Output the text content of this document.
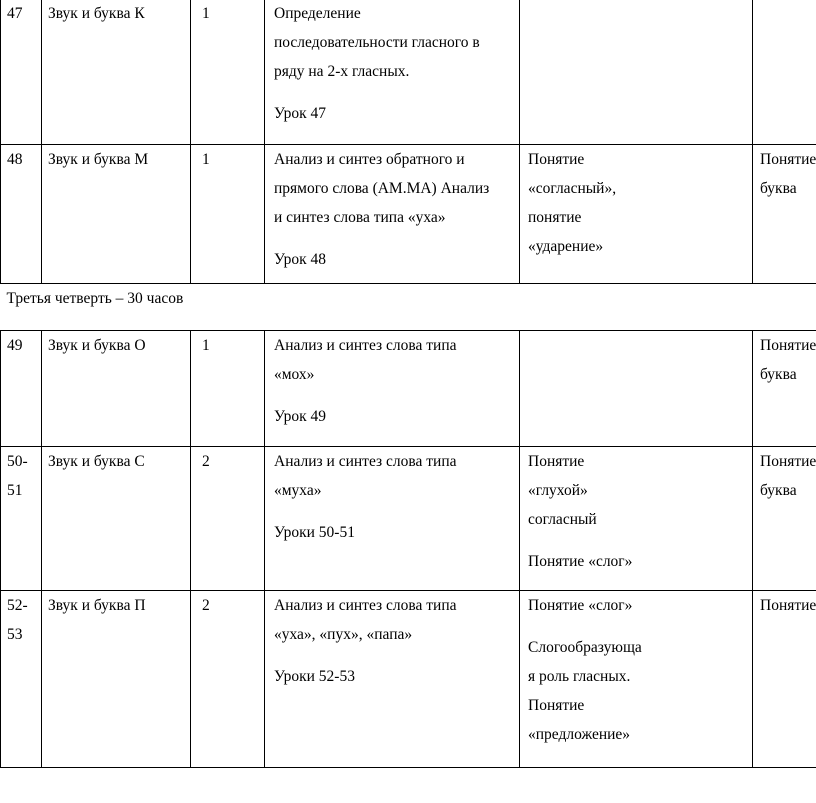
47	Звук и буква К	1	Определение
последовательности гласного в
ряду на 2-х гласных.
Урок 47		

48	Звук и буква М	1	Анализ и синтез обратного и
прямого слова (АМ.МА) Анализ
и синтез слова типа «уха»
Урок 48	Понятие
«согласный»,
понятие
«ударение»	Понятие
буква

Третья четверть – 30 часов					
49	Звук и буква О	1	Анализ и синтез слова типа
«мох»
Урок 49		Понятие
буква

50-
51	Звук и буква С	2	Анализ и синтез слова типа
«муха»
Уроки 50-51	Понятие
«глухой»
согласный
Понятие «слог»	Понятие
буква

52-
53	Звук и буква П	2	Анализ и синтез слова типа
«уха», «пух», «папа»
Уроки 52-53	Понятие «слог»
Слогообразующа
я роль гласных.
Понятие
«предложение»	Понятие
